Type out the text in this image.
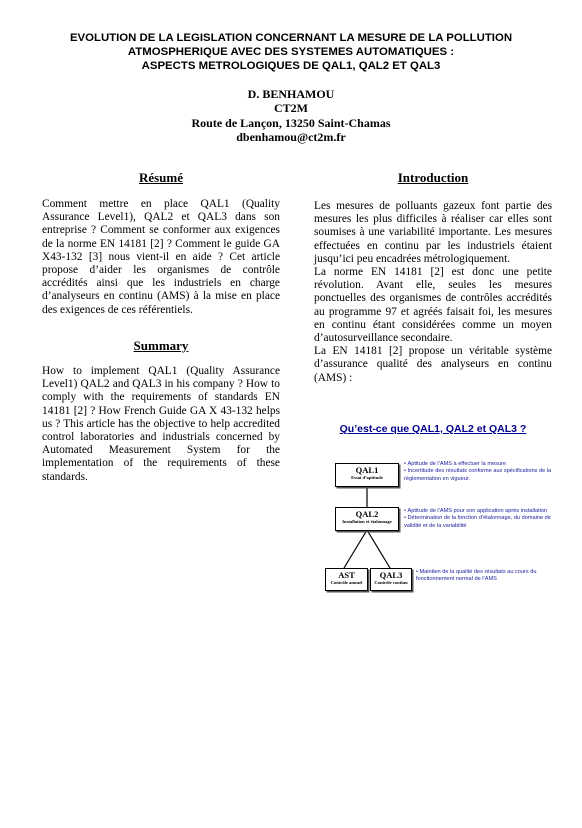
EVOLUTION DE LA LEGISLATION CONCERNANT LA MESURE DE LA POLLUTION
ATMOSPHERIQUE AVEC DES SYSTEMES AUTOMATIQUES :
ASPECTS METROLOGIQUES DE QAL1, QAL2 ET QAL3
D. BENHAMOU
CT2M
Route de Lançon, 13250 Saint-Chamas
dbenhamou@ct2m.fr
Résumé
Comment mettre en place QAL1 (Quality Assurance Level1), QAL2 et QAL3 dans son entreprise ? Comment se conformer aux exigences de la norme EN 14181 [2] ? Comment le guide GA X43-132 [3] nous vient-il en aide ? Cet article propose d’aider les organismes de contrôle accrédités ainsi que les industriels en charge d’analyseurs en continu (AMS) à la mise en place des exigences de ces référentiels.
Summary
How to implement QAL1 (Quality Assurance Level1) QAL2 and QAL3 in his company ? How to comply with the requirements of standards EN 14181 [2] ? How French Guide GA X 43-132 helps us ? This article has the objective to help accredited control laboratories and industrials concerned by Automated Measurement System for the implementation of the requirements of these standards.
Introduction
Les mesures de polluants gazeux font partie des mesures les plus difficiles à réaliser car elles sont soumises à une variabilité importante. Les mesures effectuées en continu par les industriels étaient jusqu’ici peu encadrées métrologiquement.
La norme EN 14181 [2] est donc une petite révolution. Avant elle, seules les mesures ponctuelles des organismes de contrôles accrédités au programme 97 et agréés faisait foi, les mesures en continu étant considérées comme un moyen d’autosurveillance secondaire.
La EN 14181 [2] propose un véritable système d’assurance qualité des analyseurs en continu (AMS) :
Qu’est-ce que QAL1, QAL2 et QAL3 ?
QAL1
Essai d’aptitude
QAL2
Installation et étalonnage
AST
Contrôle annuel
QAL3
Contrôle continu
• Aptitude de l’AMS à effectuer la mesure
• Incertitude des résultats conforme aux spécifications de la réglementation en vigueur.
• Aptitude de l’AMS pour son application après installation
• Détermination de la fonction d’étalonnage, du domaine de validité et de la variabilité
• Maintien de la qualité des résultats au cours du fonctionnement normal de l’AMS
